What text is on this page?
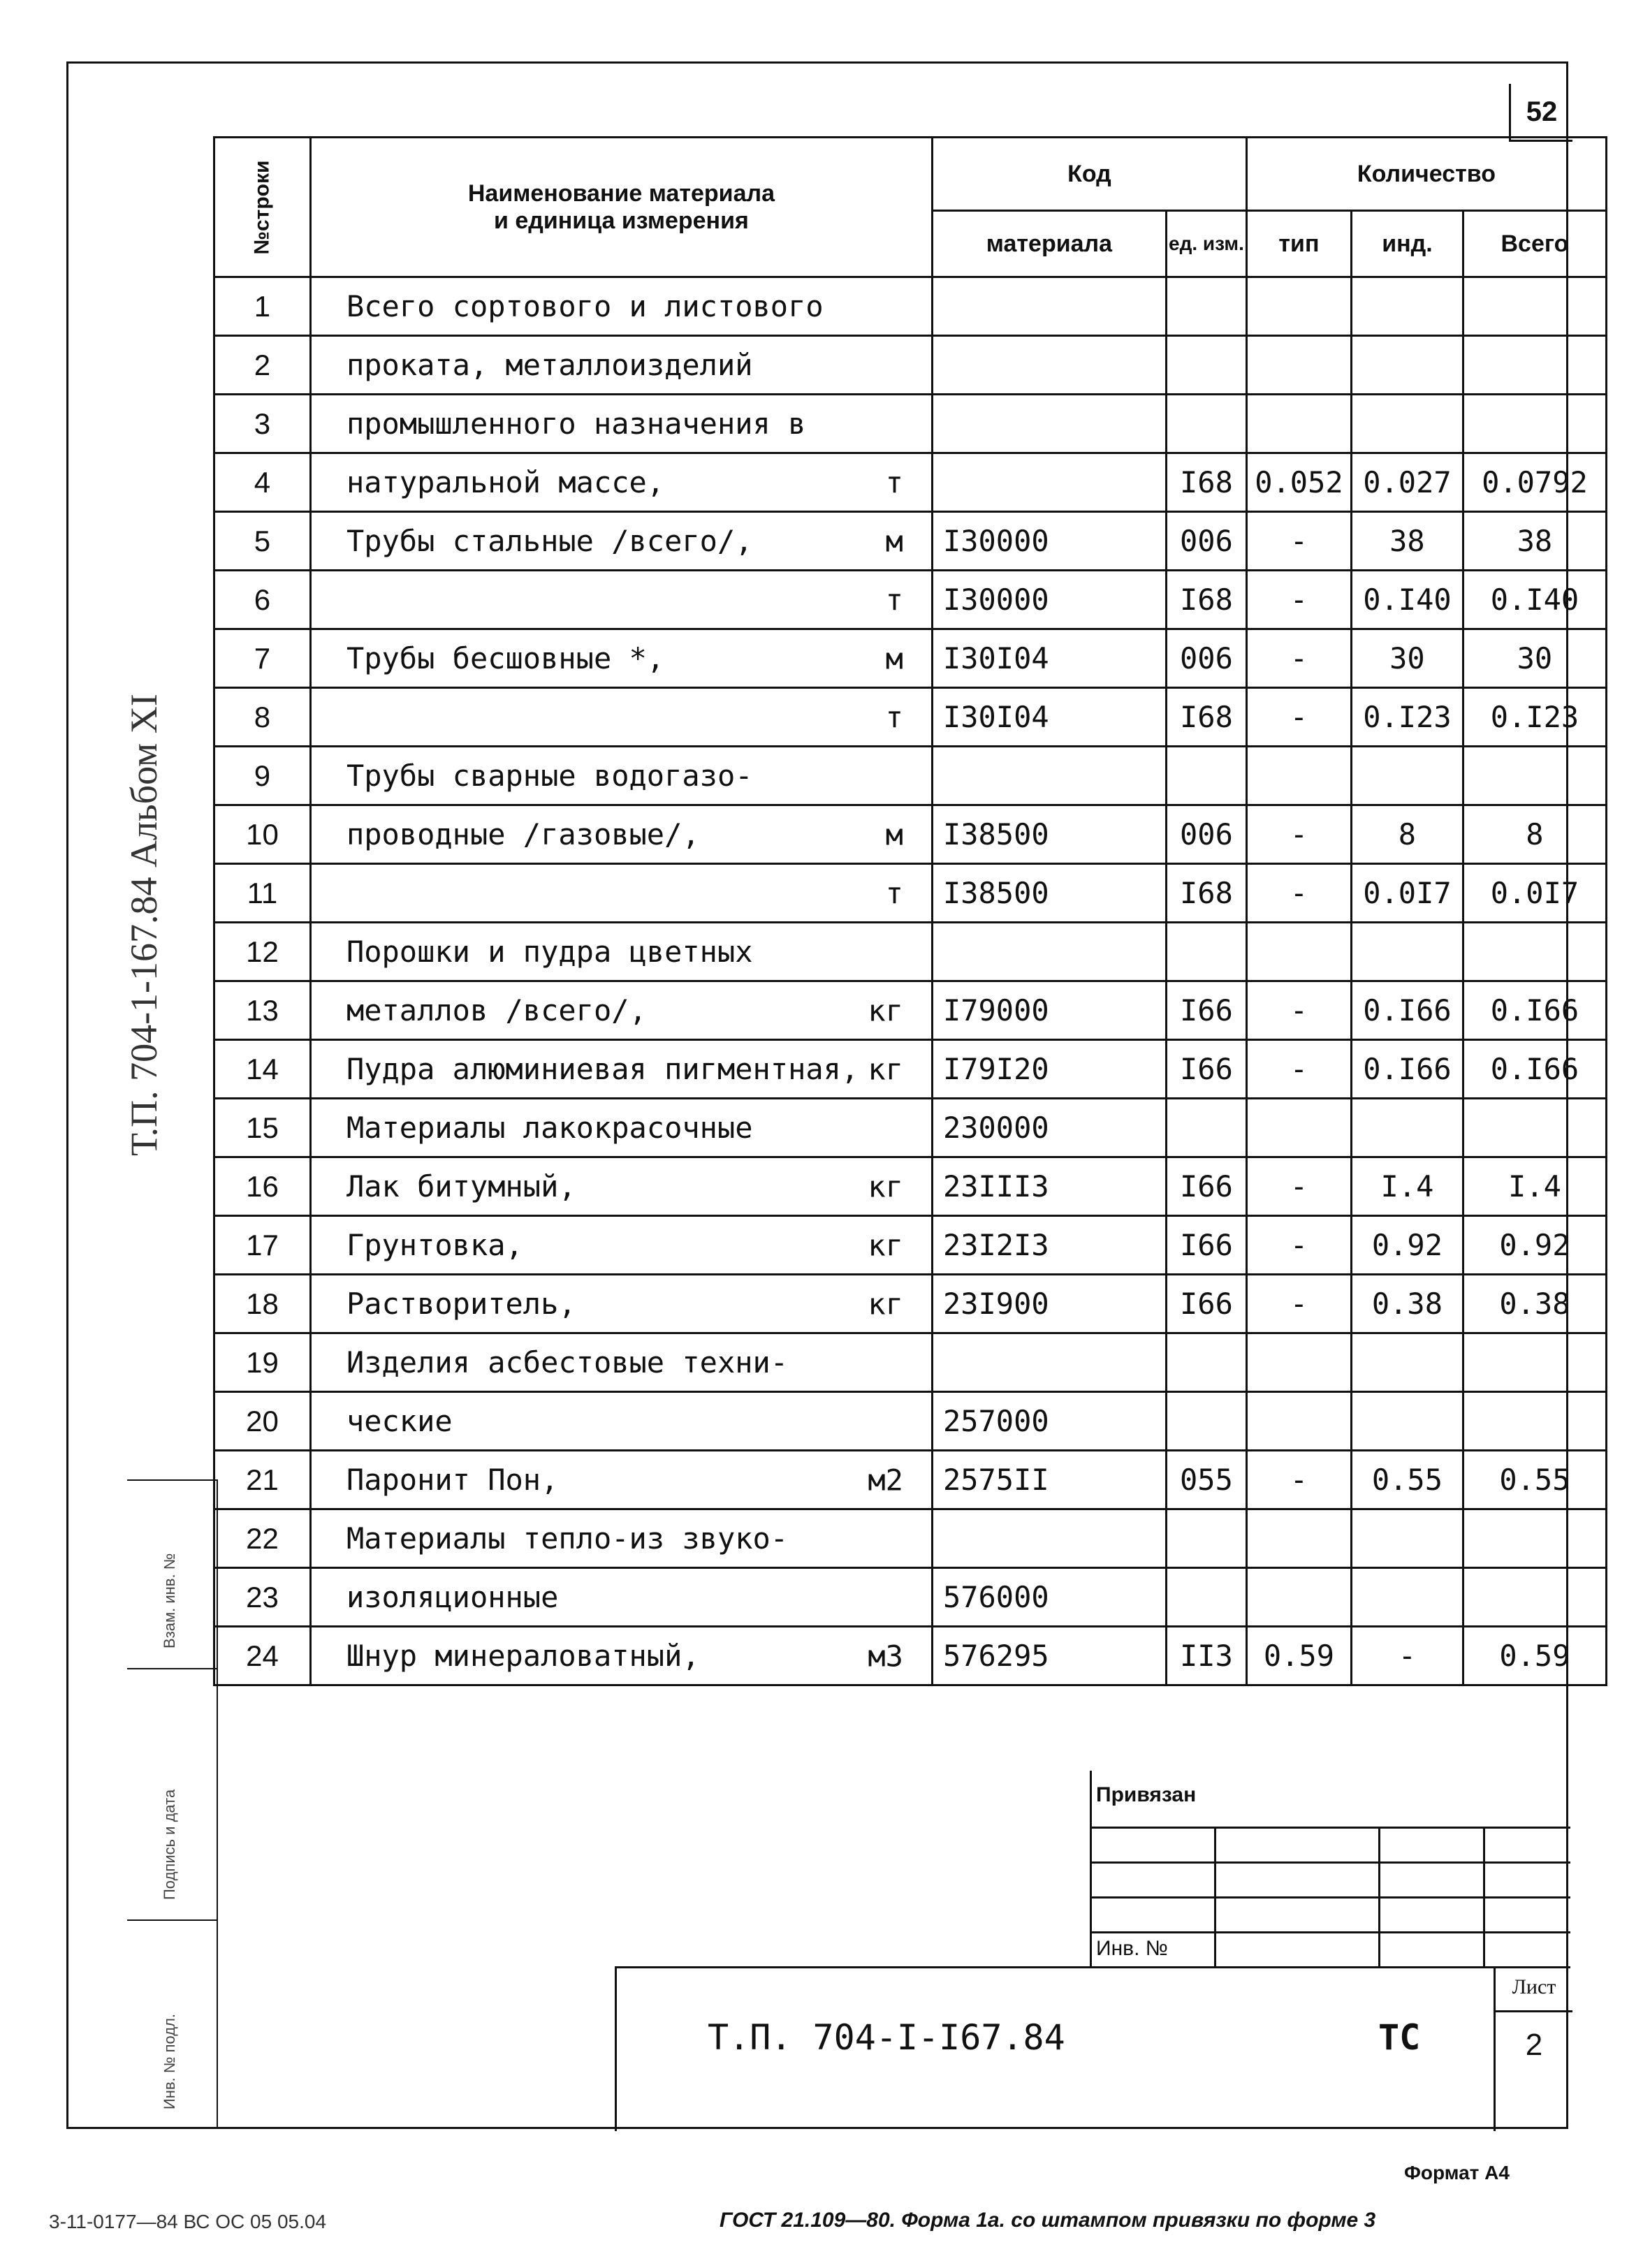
52
Т.П. 704-1-167.84 Альбом XI
Взам. инв. №
Подпись и дата
Инв. № подл.
№строки	Наименование материала
и единица измерения	Код		Количество		
		материала	ед. изм.	тип	инд.	Всего
1	Всего сортового и листового

2	проката, металлоизделий

3	промышленного назначения в

4	натуральной массе, т		I68	0.052	0.027	0.0792
5	Трубы стальные /всего/, м	I30000	006	-	38	38
6	т	I30000	I68	-	0.I40	0.I40
7	Трубы бесшовные *, м	I30I04	006	-	30	30
8	т	I30I04	I68	-	0.I23	0.I23
9	Трубы сварные водогазо-

10	проводные /газовые/, м	I38500	006	-	8	8
11	т	I38500	I68	-	0.0I7	0.0I7
12	Порошки и пудра цветных

13	металлов /всего/, кг	I79000	I66	-	0.I66	0.I66
14	Пудра алюминиевая пигментная, кг	I79I20	I66	-	0.I66	0.I66
15	Материалы лакокрасочные	230000				
16	Лак битумный, кг	23III3	I66	-	I.4	I.4
17	Грунтовка, кг	23I2I3	I66	-	0.92	0.92
18	Растворитель, кг	23I900	I66	-	0.38	0.38
19	Изделия асбестовые техни-

20	ческие	257000				
21	Паронит Пон, м2	2575II	055	-	0.55	0.55
22	Материалы тепло-из звуко-

23	изоляционные	576000				
24	Шнур минераловатный, м3	576295	II3	0.59	-	0.59
Привязан
Инв. №
Т.П. 704-I-I67.84	ТС
Лист
2
Формат А4
3-11-0177—84 ВС ОС 05 05.04	ГОСТ 21.109—80. Форма 1а. со штампом привязки по форме 3
